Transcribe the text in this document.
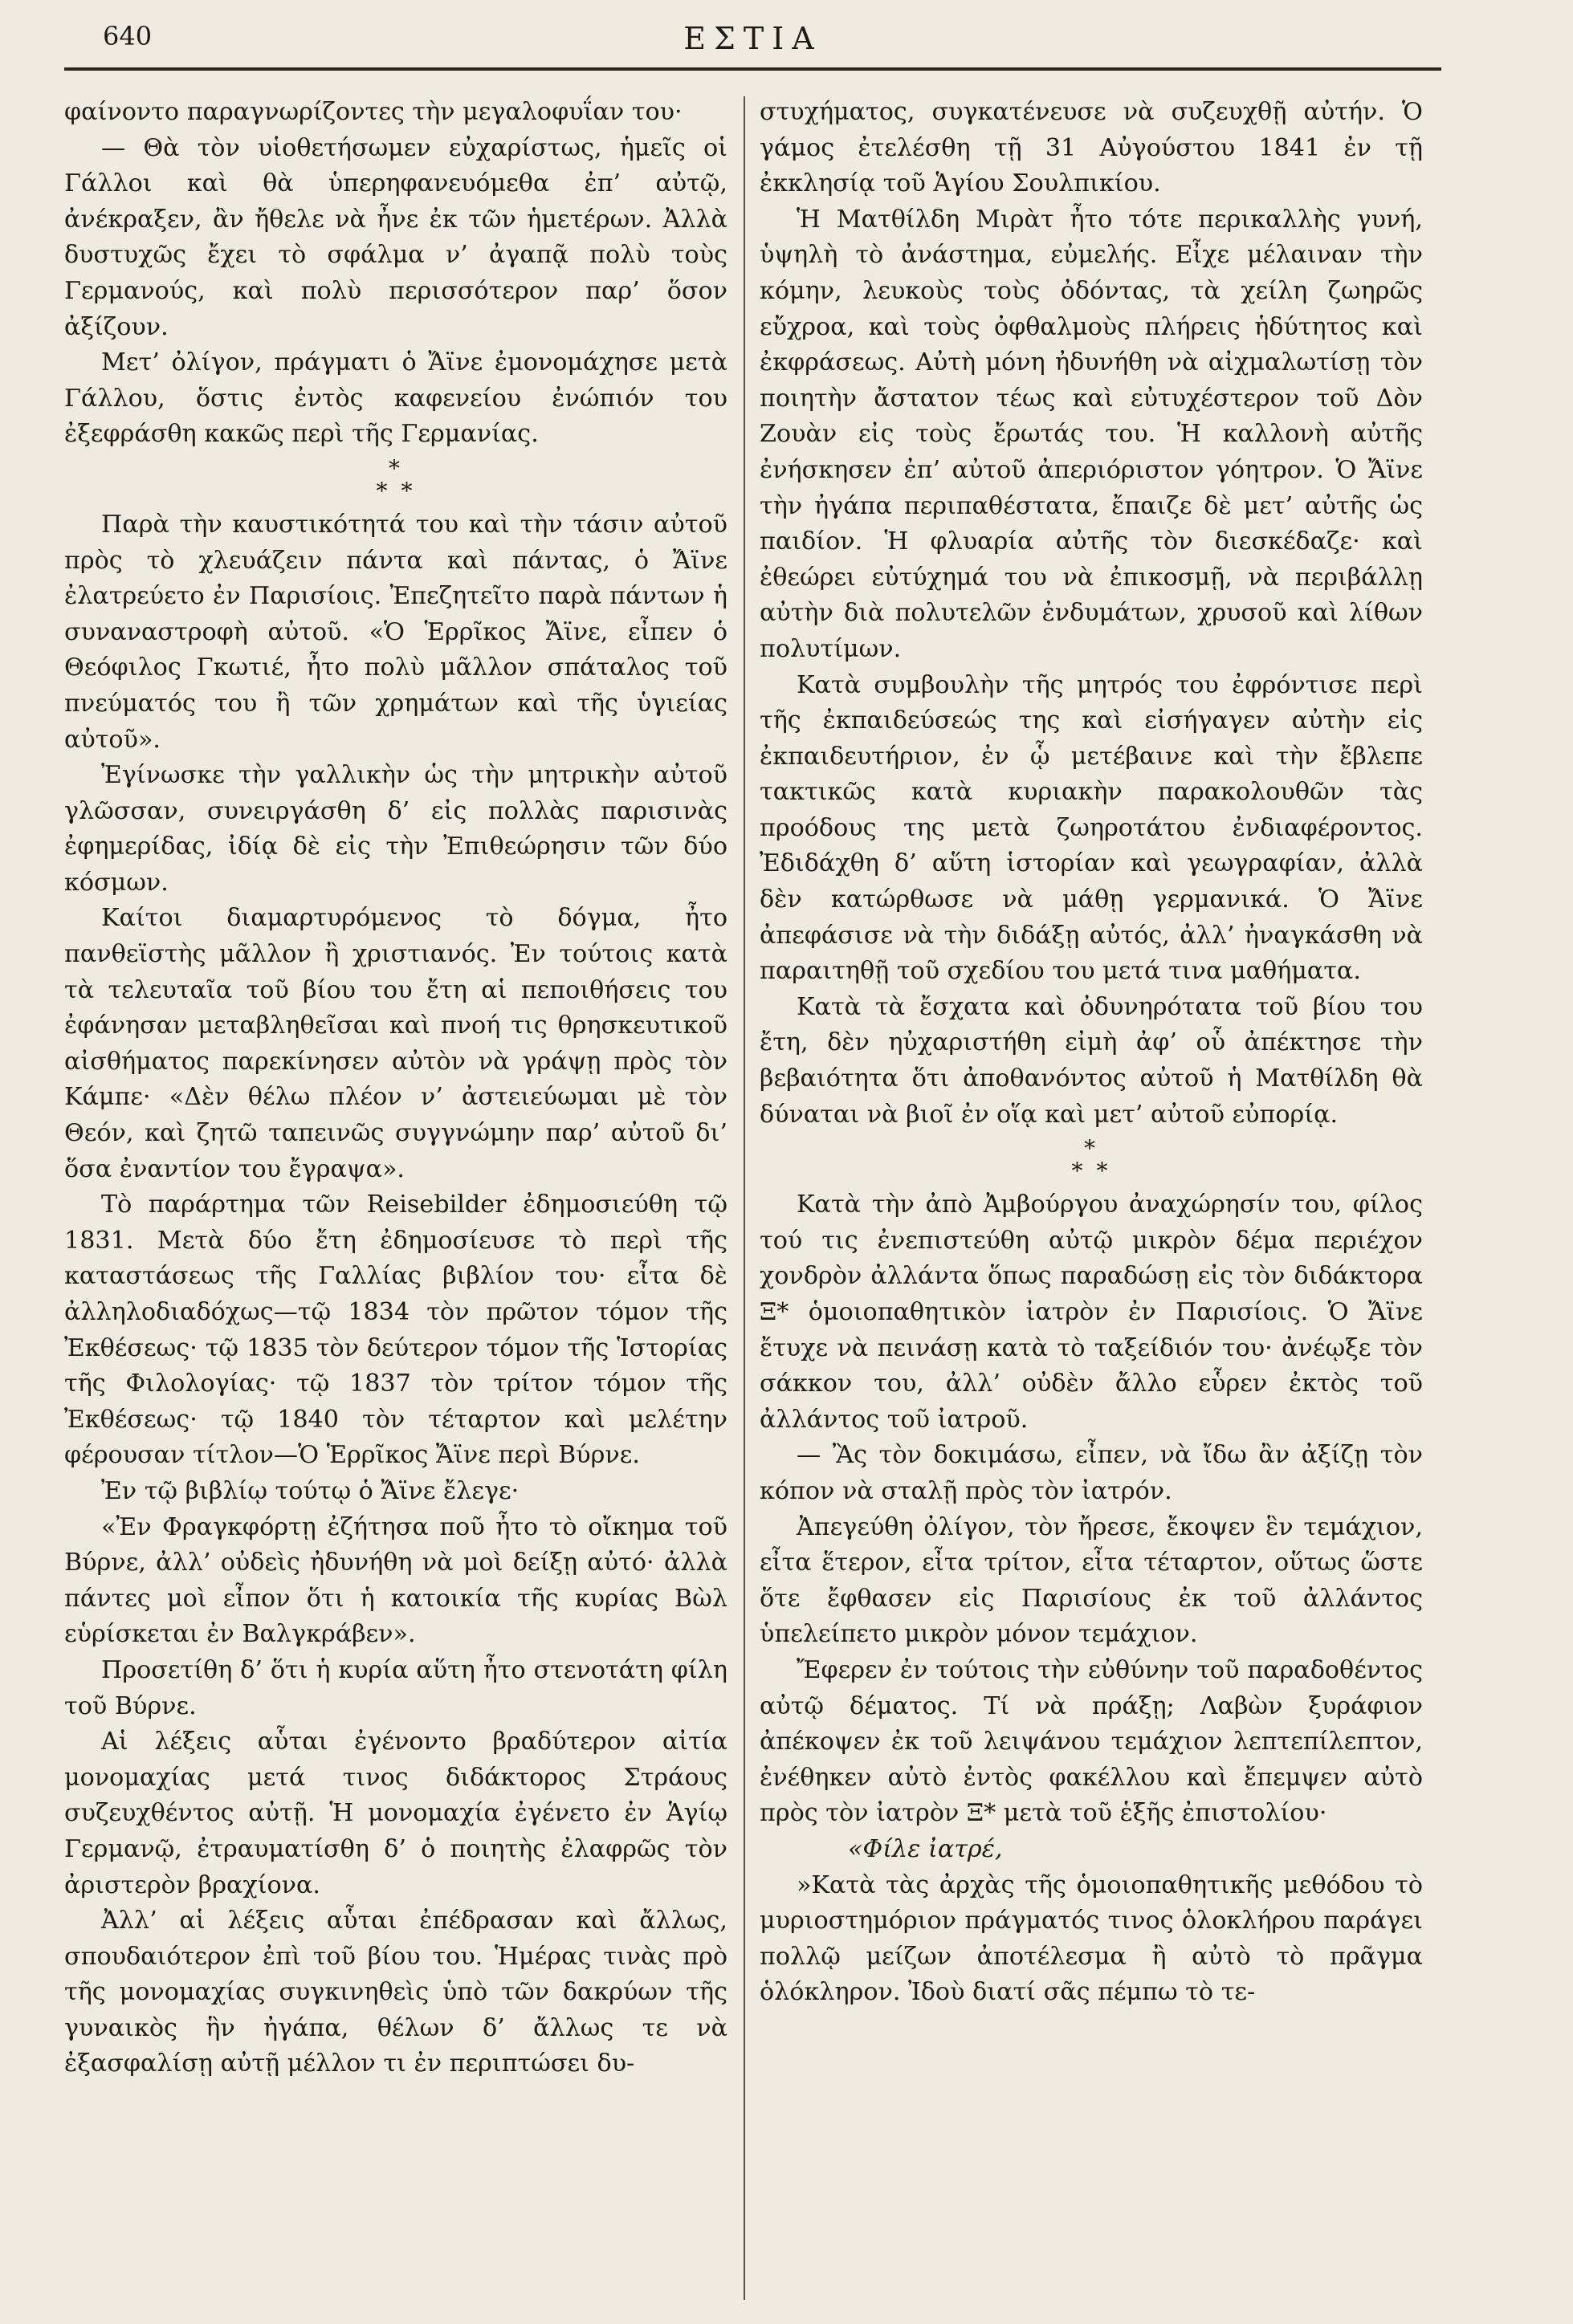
640	ΕΣΤΙΑ

φαίνοντο παραγνωρίζοντες τὴν μεγαλοφυΐαν του·

— Θὰ τὸν υἱοθετήσωμεν εὐχαρίστως, ἡμεῖς οἱ Γάλλοι καὶ θὰ ὑπερηφανευόμεθα ἐπ’ αὐτῷ, ἀνέκραξεν, ἂν ἤθελε νὰ ἦνε ἐκ τῶν ἡμετέρων. Ἀλλὰ δυστυχῶς ἔχει τὸ σφάλμα ν’ ἀγαπᾷ πολὺ τοὺς Γερμανούς, καὶ πολὺ περισσότερον παρ’ ὅσον ἀξίζουν.

Μετ’ ὀλίγον, πράγματι ὁ Ἄϊνε ἐμονομάχησε μετὰ Γάλλου, ὅστις ἐντὸς καφενείου ἐνώπιόν του ἐξεφράσθη κακῶς περὶ τῆς Γερμανίας.

*
* *

Παρὰ τὴν καυστικότητά του καὶ τὴν τάσιν αὐτοῦ πρὸς τὸ χλευάζειν πάντα καὶ πάντας, ὁ Ἄϊνε ἐλατρεύετο ἐν Παρισίοις. Ἐπεζητεῖτο παρὰ πάντων ἡ συναναστροφὴ αὐτοῦ. «Ὁ Ἑρρῖκος Ἄϊνε, εἶπεν ὁ Θεόφιλος Γκωτιέ, ἦτο πολὺ μᾶλλον σπάταλος τοῦ πνεύματός του ἢ τῶν χρημάτων καὶ τῆς ὑγιείας αὐτοῦ».

Ἐγίνωσκε τὴν γαλλικὴν ὡς τὴν μητρικὴν αὐτοῦ γλῶσσαν, συνειργάσθη δ’ εἰς πολλὰς παρισινὰς ἐφημερίδας, ἰδίᾳ δὲ εἰς τὴν Ἐπιθεώρησιν τῶν δύο κόσμων.

Καίτοι διαμαρτυρόμενος τὸ δόγμα, ἦτο πανθεϊστὴς μᾶλλον ἢ χριστιανός. Ἐν τούτοις κατὰ τὰ τελευταῖα τοῦ βίου του ἔτη αἱ πεποιθήσεις του ἐφάνησαν μεταβληθεῖσαι καὶ πνοή τις θρησκευτικοῦ αἰσθήματος παρεκίνησεν αὐτὸν νὰ γράψῃ πρὸς τὸν Κάμπε· «Δὲν θέλω πλέον ν’ ἀστειεύωμαι μὲ τὸν Θεόν, καὶ ζητῶ ταπεινῶς συγγνώμην παρ’ αὐτοῦ δι’ ὅσα ἐναντίον του ἔγραψα».

Τὸ παράρτημα τῶν Reisebilder ἐδημοσιεύθη τῷ 1831. Μετὰ δύο ἔτη ἐδημοσίευσε τὸ περὶ τῆς καταστάσεως τῆς Γαλλίας βιβλίον του· εἶτα δὲ ἀλληλοδιαδόχως—τῷ 1834 τὸν πρῶτον τόμον τῆς Ἐκθέσεως· τῷ 1835 τὸν δεύτερον τόμον τῆς Ἱστορίας τῆς Φιλολογίας· τῷ 1837 τὸν τρίτον τόμον τῆς Ἐκθέσεως· τῷ 1840 τὸν τέταρτον καὶ μελέτην φέρουσαν τίτλον—Ὁ Ἑρρῖκος Ἄϊνε περὶ Βύρνε.

Ἐν τῷ βιβλίῳ τούτῳ ὁ Ἄϊνε ἔλεγε·

«Ἐν Φραγκφόρτῃ ἐζήτησα ποῦ ἦτο τὸ οἴκημα τοῦ Βύρνε, ἀλλ’ οὐδεὶς ἠδυνήθη νὰ μοὶ δείξῃ αὐτό· ἀλλὰ πάντες μοὶ εἶπον ὅτι ἡ κατοικία τῆς κυρίας Βὼλ εὑρίσκεται ἐν Βαλγκράβεν».

Προσετίθη δ’ ὅτι ἡ κυρία αὕτη ἦτο στενοτάτη φίλη τοῦ Βύρνε.

Αἱ λέξεις αὗται ἐγένοντο βραδύτερον αἰτία μονομαχίας μετά τινος διδάκτορος Στράους συζευχθέντος αὐτῇ. Ἡ μονομαχία ἐγένετο ἐν Ἁγίῳ Γερμανῷ, ἐτραυματίσθη δ’ ὁ ποιητὴς ἐλαφρῶς τὸν ἀριστερὸν βραχίονα.

Ἀλλ’ αἱ λέξεις αὗται ἐπέδρασαν καὶ ἄλλως, σπουδαιότερον ἐπὶ τοῦ βίου του. Ἡμέρας τινὰς πρὸ τῆς μονομαχίας συγκινηθεὶς ὑπὸ τῶν δακρύων τῆς γυναικὸς ἣν ἠγάπα, θέλων δ’ ἄλλως τε νὰ ἐξασφαλίσῃ αὐτῇ μέλλον τι ἐν περιπτώσει δυ-

στυχήματος, συγκατένευσε νὰ συζευχθῇ αὐτήν. Ὁ γάμος ἐτελέσθη τῇ 31 Αὐγούστου 1841 ἐν τῇ ἐκκλησίᾳ τοῦ Ἁγίου Σουλπικίου.

Ἡ Ματθίλδη Μιρὰτ ἦτο τότε περικαλλὴς γυνή, ὑψηλὴ τὸ ἀνάστημα, εὐμελής. Εἶχε μέλαιναν τὴν κόμην, λευκοὺς τοὺς ὀδόντας, τὰ χείλη ζωηρῶς εὔχροα, καὶ τοὺς ὀφθαλμοὺς πλήρεις ἡδύτητος καὶ ἐκφράσεως. Αὐτὴ μόνη ἠδυνήθη νὰ αἰχμαλωτίσῃ τὸν ποιητὴν ἄστατον τέως καὶ εὐτυχέστερον τοῦ Δὸν Ζουὰν εἰς τοὺς ἔρωτάς του. Ἡ καλλονὴ αὐτῆς ἐνήσκησεν ἐπ’ αὐτοῦ ἀπεριόριστον γόητρον. Ὁ Ἄϊνε τὴν ἠγάπα περιπαθέστατα, ἔπαιζε δὲ μετ’ αὐτῆς ὡς παιδίον. Ἡ φλυαρία αὐτῆς τὸν διεσκέδαζε· καὶ ἐθεώρει εὐτύχημά του νὰ ἐπικοσμῇ, νὰ περιβάλλῃ αὐτὴν διὰ πολυτελῶν ἐνδυμάτων, χρυσοῦ καὶ λίθων πολυτίμων.

Κατὰ συμβουλὴν τῆς μητρός του ἐφρόντισε περὶ τῆς ἐκπαιδεύσεώς της καὶ εἰσήγαγεν αὐτὴν εἰς ἐκπαιδευτήριον, ἐν ᾧ μετέβαινε καὶ τὴν ἔβλεπε τακτικῶς κατὰ κυριακὴν παρακολουθῶν τὰς προόδους της μετὰ ζωηροτάτου ἐνδιαφέροντος. Ἐδιδάχθη δ’ αὕτη ἱστορίαν καὶ γεωγραφίαν, ἀλλὰ δὲν κατώρθωσε νὰ μάθῃ γερμανικά. Ὁ Ἄϊνε ἀπεφάσισε νὰ τὴν διδάξῃ αὐτός, ἀλλ’ ἠναγκάσθη νὰ παραιτηθῇ τοῦ σχεδίου του μετά τινα μαθήματα.

Κατὰ τὰ ἔσχατα καὶ ὀδυνηρότατα τοῦ βίου του ἔτη, δὲν ηὐχαριστήθη εἰμὴ ἀφ’ οὗ ἀπέκτησε τὴν βεβαιότητα ὅτι ἀποθανόντος αὐτοῦ ἡ Ματθίλδη θὰ δύναται νὰ βιοῖ ἐν οἵᾳ καὶ μετ’ αὐτοῦ εὐπορίᾳ.

*
* *

Κατὰ τὴν ἀπὸ Ἀμβούργου ἀναχώρησίν του, φίλος τού τις ἐνεπιστεύθη αὐτῷ μικρὸν δέμα περιέχον χονδρὸν ἀλλάντα ὅπως παραδώσῃ εἰς τὸν διδάκτορα Ξ* ὁμοιοπαθητικὸν ἰατρὸν ἐν Παρισίοις. Ὁ Ἄϊνε ἔτυχε νὰ πεινάσῃ κατὰ τὸ ταξείδιόν του· ἀνέῳξε τὸν σάκκον του, ἀλλ’ οὐδὲν ἄλλο εὗρεν ἐκτὸς τοῦ ἀλλάντος τοῦ ἰατροῦ.

— Ἂς τὸν δοκιμάσω, εἶπεν, νὰ ἴδω ἂν ἀξίζῃ τὸν κόπον νὰ σταλῇ πρὸς τὸν ἰατρόν.

Ἀπεγεύθη ὀλίγον, τὸν ἤρεσε, ἔκοψεν ἓν τεμάχιον, εἶτα ἕτερον, εἶτα τρίτον, εἶτα τέταρτον, οὕτως ὥστε ὅτε ἔφθασεν εἰς Παρισίους ἐκ τοῦ ἀλλάντος ὑπελείπετο μικρὸν μόνον τεμάχιον.

Ἔφερεν ἐν τούτοις τὴν εὐθύνην τοῦ παραδοθέντος αὐτῷ δέματος. Τί νὰ πράξῃ; Λαβὼν ξυράφιον ἀπέκοψεν ἐκ τοῦ λειψάνου τεμάχιον λεπτεπίλεπτον, ἐνέθηκεν αὐτὸ ἐντὸς φακέλλου καὶ ἔπεμψεν αὐτὸ πρὸς τὸν ἰατρὸν Ξ* μετὰ τοῦ ἑξῆς ἐπιστολίου·

«Φίλε ἰατρέ,

»Κατὰ τὰς ἀρχὰς τῆς ὁμοιοπαθητικῆς μεθόδου τὸ μυριοστημόριον πράγματός τινος ὁλοκλήρου παράγει πολλῷ μείζων ἀποτέλεσμα ἢ αὐτὸ τὸ πρᾶγμα ὁλόκληρον. Ἰδοὺ διατί σᾶς πέμπω τὸ τε-
